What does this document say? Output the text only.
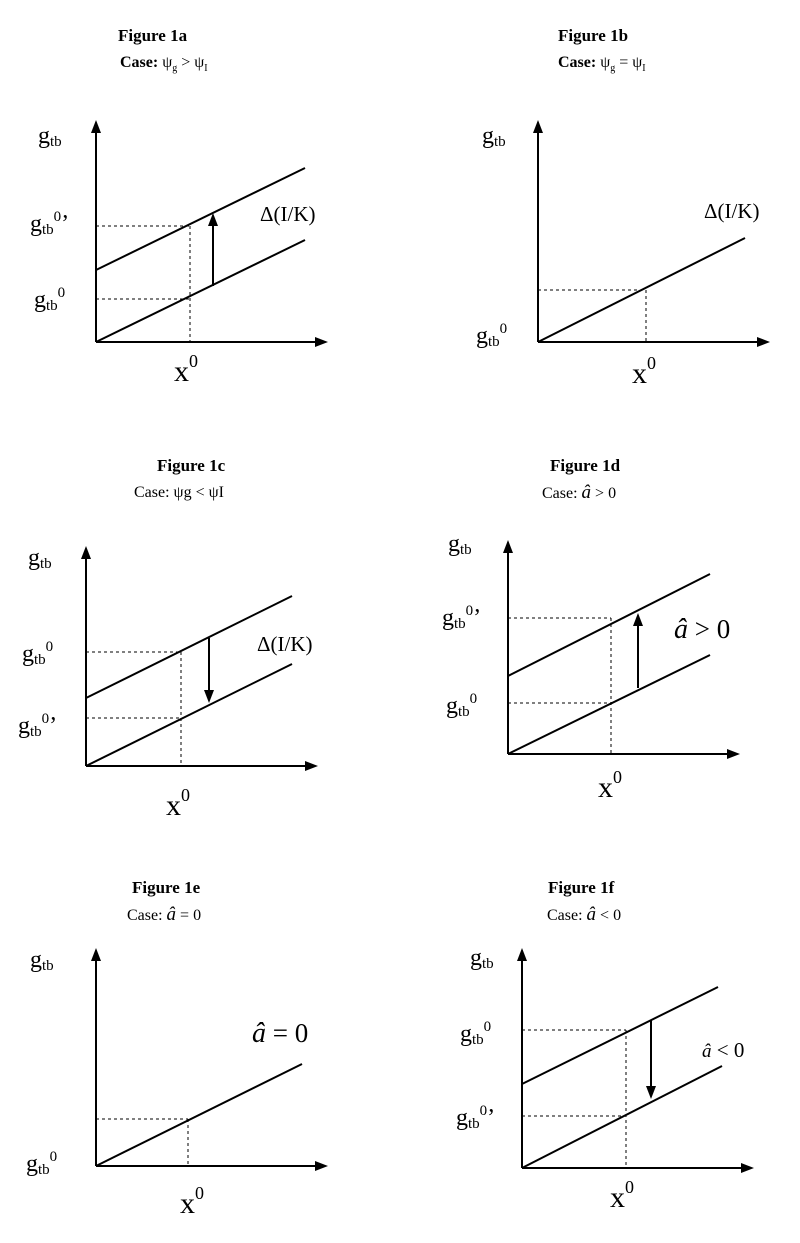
Figure 1a
Case: $\psi_g > \psi_I$
$g_{tb}$
$g_{tb}^0$’
$g_{tb}^0$
$x^0$
Δ(I/K)
Figure 1b
Case: $\psi_g = \psi_I$
$g_{tb}$
$g_{tb}^0$
$x^0$
Δ(I/K)
Figure 1c
Case: ψg < ψI
$g_{tb}$
$g_{tb}^0$
$g_{tb}^0$’
$x^0$
Δ(I/K)
Figure 1d
Case: â > 0
$g_{tb}$
$g_{tb}^0$’
$g_{tb}^0$
$x^0$
â > 0
Figure 1e
Case: â = 0
$g_{tb}$
$g_{tb}^0$
$x^0$
â = 0
Figure 1f
Case: â < 0
$g_{tb}$
$g_{tb}^0$
$g_{tb}^0$’
$x^0$
â < 0
